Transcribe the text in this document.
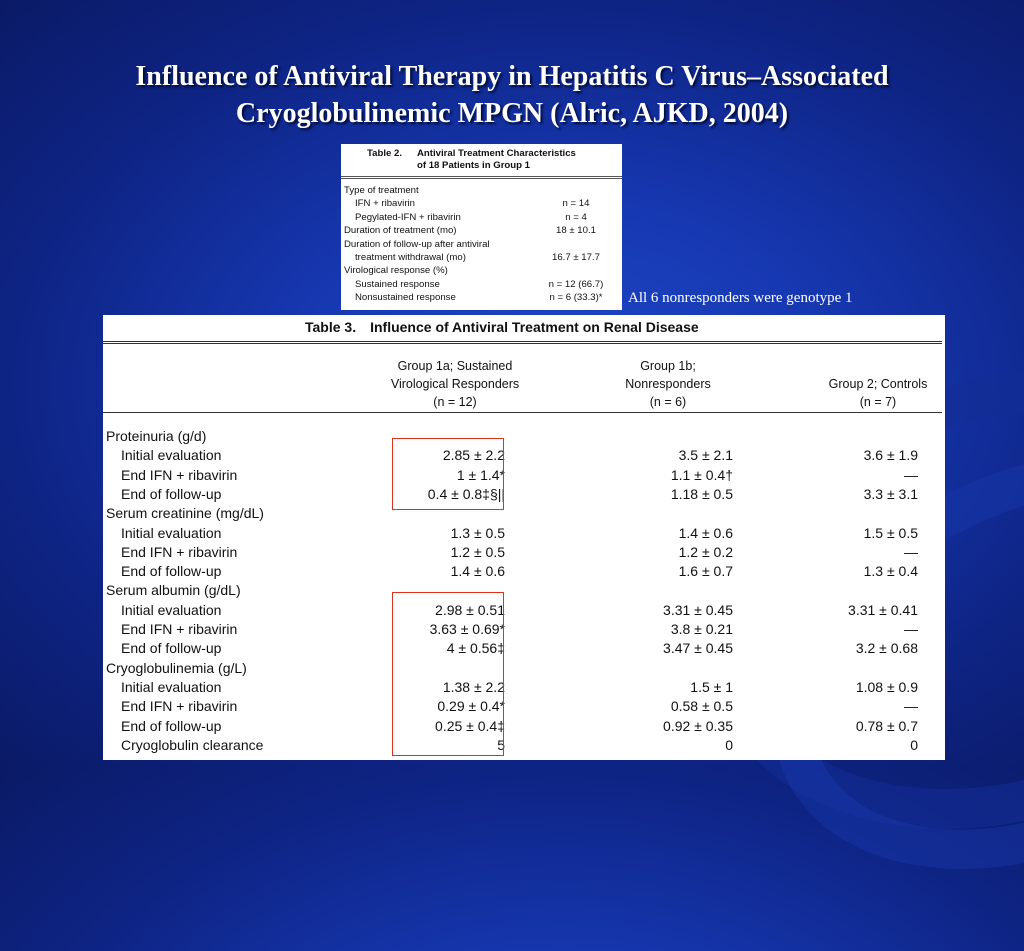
Influence of Antiviral Therapy in Hepatitis C Virus–Associated
Cryoglobulinemic MPGN (Alric, AJKD, 2004)
Table 2. Antiviral Treatment Characteristics
of 18 Patients in Group 1
Type of treatment
IFN + ribavirin	n = 14
Pegylated-IFN + ribavirin	n = 4
Duration of treatment (mo)	18 ± 10.1
Duration of follow-up after antiviral
treatment withdrawal (mo)	16.7 ± 17.7
Virological response (%)
Sustained response	n = 12 (66.7)
Nonsustained response	n = 6 (33.3)*	All 6 nonresponders were genotype 1
Table 3. Influence of Antiviral Treatment on Renal Disease
Group 1a; Sustained
Virological Responders
(n = 12)
Group 1b;
Nonresponders
(n = 6)

Group 2; Controls
(n = 7)
Proteinuria (g/d)
Initial evaluation	2.85 ± 2.2	3.5 ± 2.1	3.6 ± 1.9
End IFN + ribavirin	1 ± 1.4*	1.1 ± 0.4†	—
End of follow-up	0.4 ± 0.8‡§||	1.18 ± 0.5	3.3 ± 3.1
Serum creatinine (mg/dL)
Initial evaluation	1.3 ± 0.5	1.4 ± 0.6	1.5 ± 0.5
End IFN + ribavirin	1.2 ± 0.5	1.2 ± 0.2	—
End of follow-up	1.4 ± 0.6	1.6 ± 0.7	1.3 ± 0.4
Serum albumin (g/dL)
Initial evaluation	2.98 ± 0.51	3.31 ± 0.45	3.31 ± 0.41
End IFN + ribavirin	3.63 ± 0.69*	3.8 ± 0.21	—
End of follow-up	4 ± 0.56‡	3.47 ± 0.45	3.2 ± 0.68
Cryoglobulinemia (g/L)
Initial evaluation	1.38 ± 2.2	1.5 ± 1	1.08 ± 0.9
End IFN + ribavirin	0.29 ± 0.4*	0.58 ± 0.5	—
End of follow-up	0.25 ± 0.4‡	0.92 ± 0.35	0.78 ± 0.7
Cryoglobulin clearance	5	0	0
